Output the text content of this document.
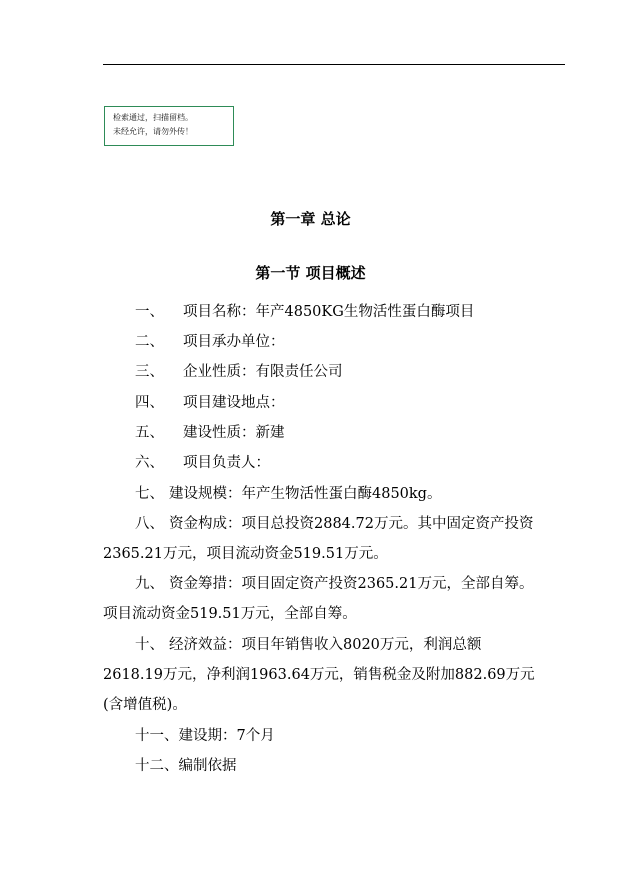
检索通过，扫描留档。
未经允许，请勿外传！
第一章 总论
第一节 项目概述
一、 项目名称：年产4850KG生物活性蛋白酶项目
二、 项目承办单位：
三、 企业性质：有限责任公司
四、 项目建设地点：
五、 建设性质：新建
六、 项目负责人：
七、 建设规模：年产生物活性蛋白酶4850kg。
八、 资金构成：项目总投资2884.72万元。其中固定资产投资
2365.21万元，项目流动资金519.51万元。
九、 资金筹措：项目固定资产投资2365.21万元，全部自筹。
项目流动资金519.51万元，全部自筹。
十、 经济效益：项目年销售收入8020万元，利润总额
2618.19万元，净利润1963.64万元，销售税金及附加882.69万元
(含增值税)。
十一、建设期：7个月
十二、编制依据
